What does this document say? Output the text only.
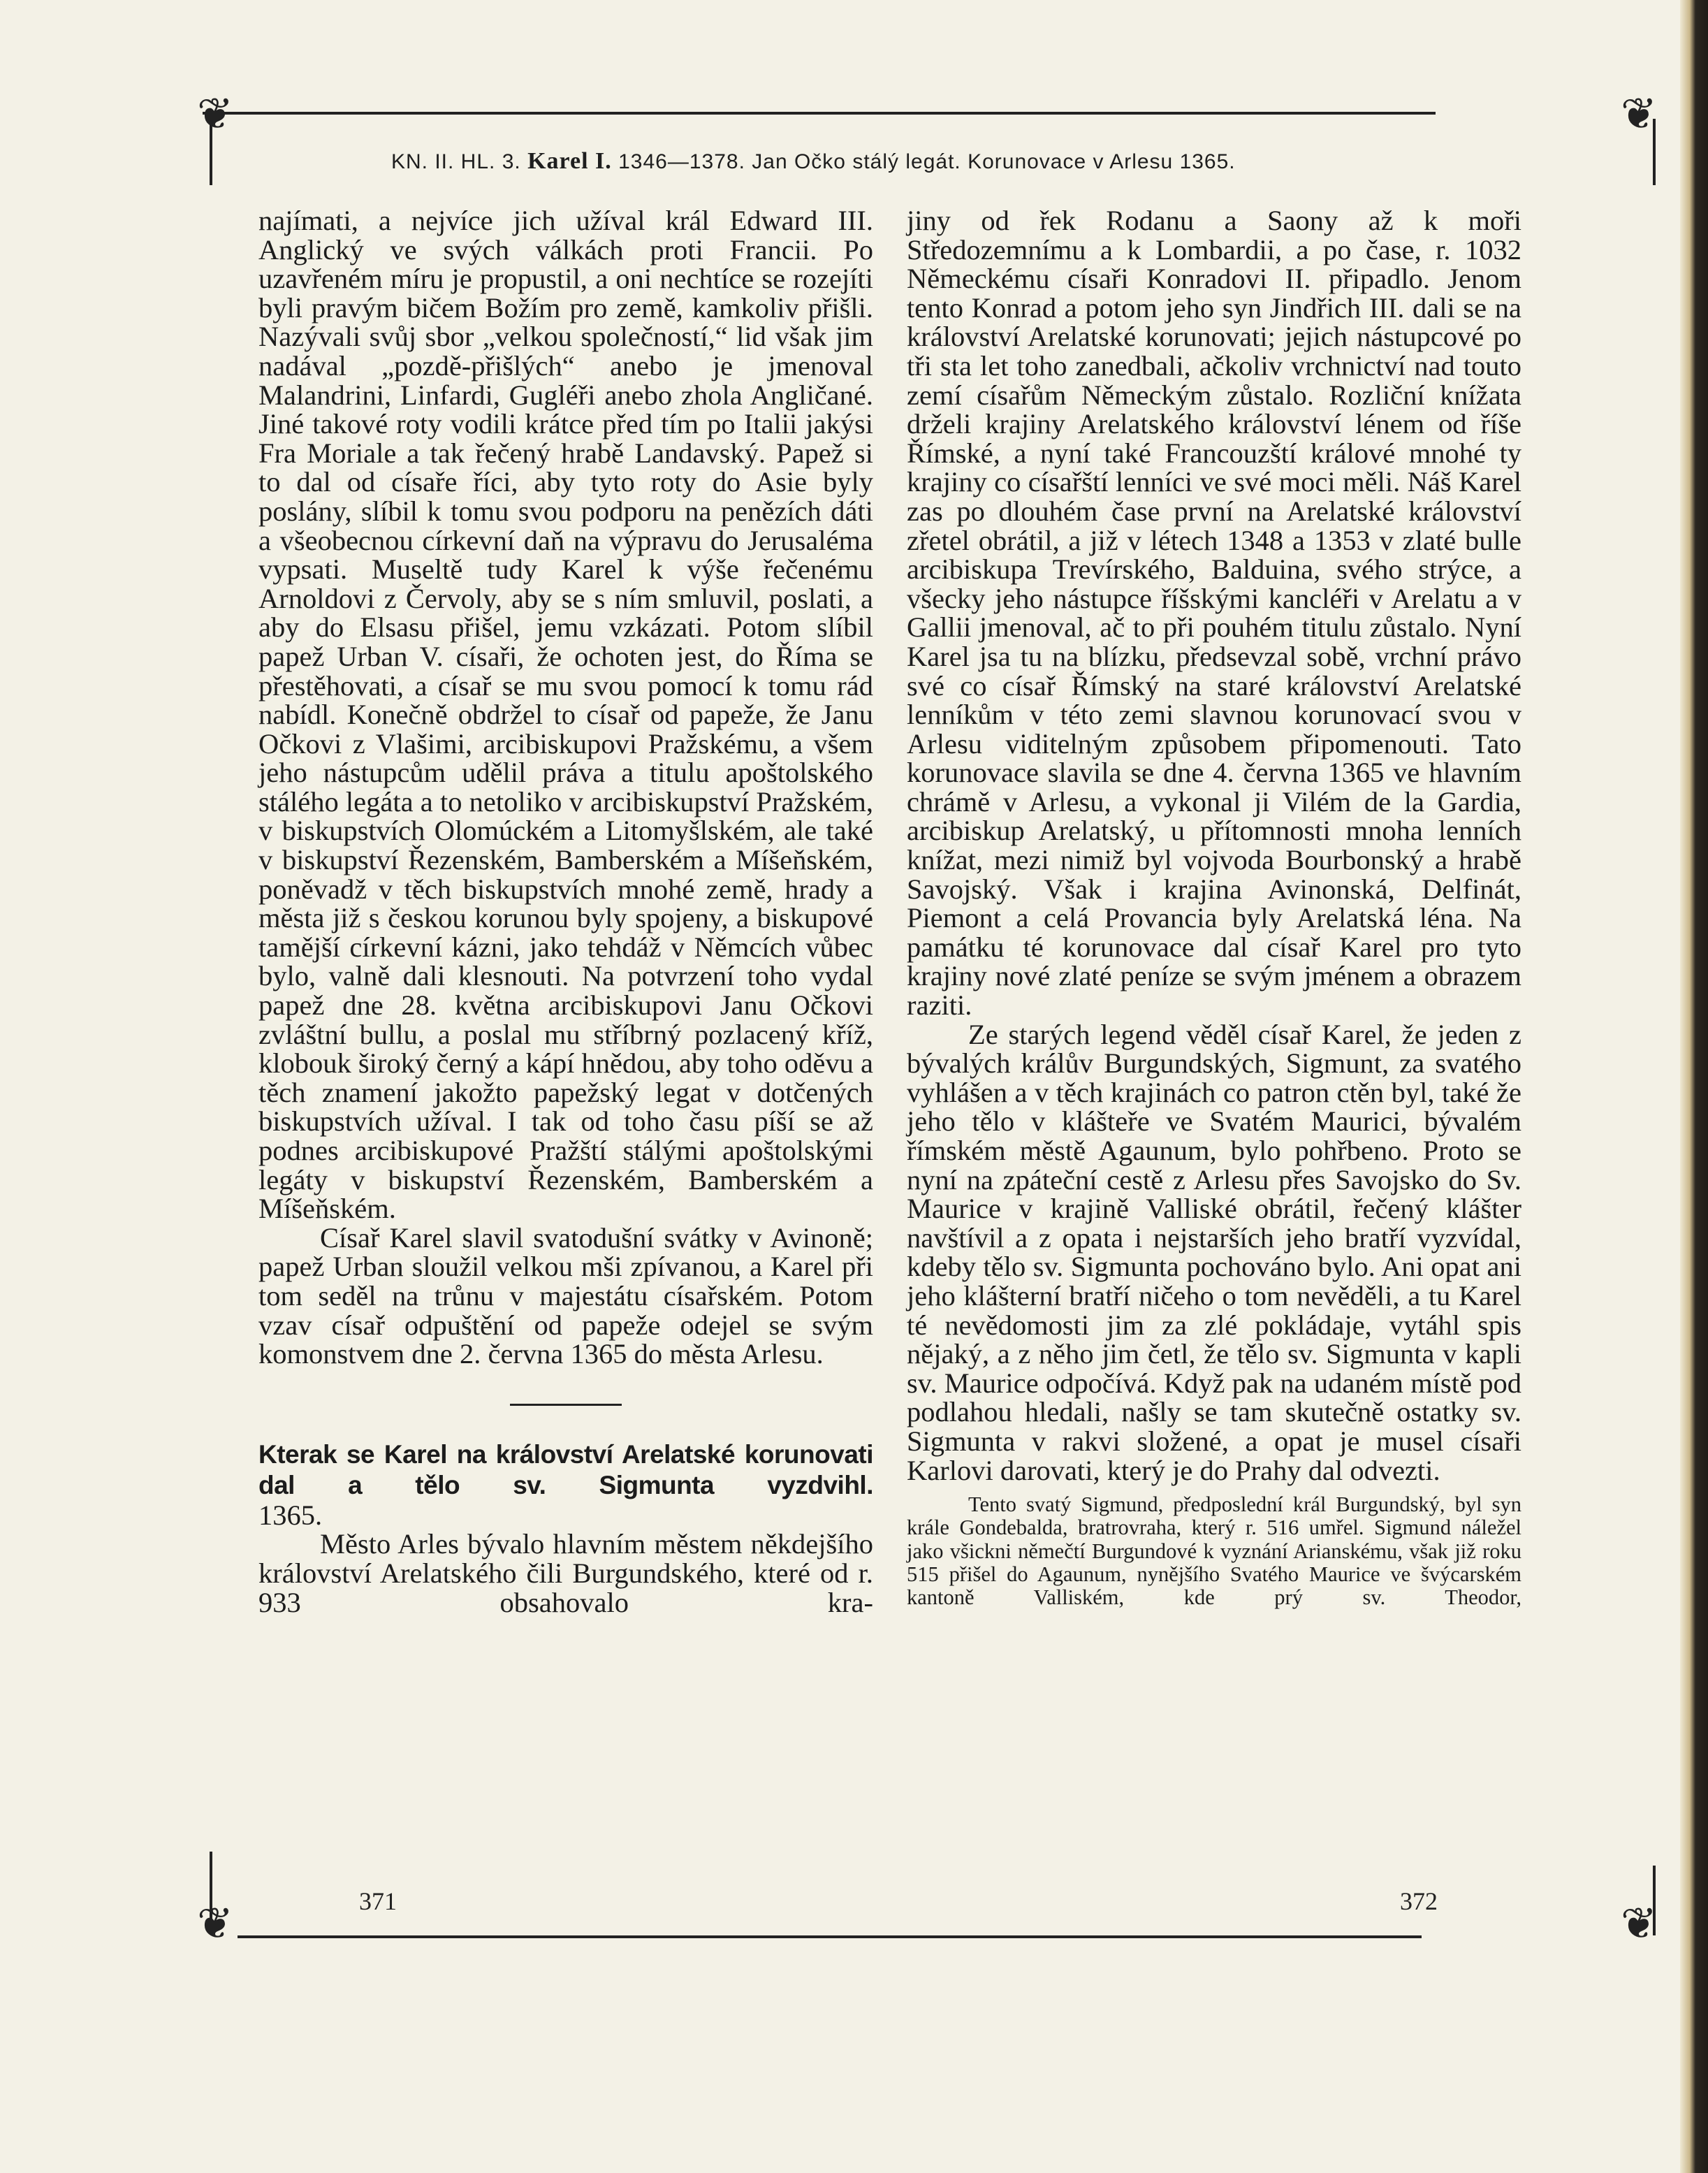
❦	❦
❦	❦
KN. II. HL. 3. Karel I. 1346—1378. Jan Očko stálý legát. Korunovace v Arlesu 1365.

najímati, a nejvíce jich užíval král Edward III. Anglický ve svých válkách proti Francii. Po uzavřeném míru je propustil, a oni nechtíce se rozejíti byli pravým bičem Božím pro země, kamkoliv přišli. Nazývali svůj sbor „velkou společností,“ lid však jim nadával „pozdě-přišlých“ anebo je jmenoval Malandrini, Linfardi, Gugléři anebo zhola Angličané. Jiné takové roty vodili krátce před tím po Italii jakýsi Fra Moriale a tak řečený hrabě Landavský. Papež si to dal od císaře říci, aby tyto roty do Asie byly poslány, slíbil k tomu svou podporu na penězích dáti a všeobecnou církevní daň na výpravu do Jerusaléma vypsati. Museltě tudy Karel k výše řečenému Arnoldovi z Červoly, aby se s ním smluvil, poslati, a aby do Elsasu přišel, jemu vzkázati. Potom slíbil papež Urban V. císaři, že ochoten jest, do Říma se přestěhovati, a císař se mu svou pomocí k tomu rád nabídl. Konečně obdržel to císař od papeže, že Janu Očkovi z Vlašimi, arcibiskupovi Pražskému, a všem jeho nástupcům udělil práva a titulu apoštolského stálého legáta a to netoliko v arcibiskupství Pražském, v biskupstvích Olomúckém a Litomyšlském, ale také v biskupství Řezenském, Bamberském a Míšeňském, poněvadž v těch biskupstvích mnohé země, hrady a města již s českou korunou byly spojeny, a biskupové tamější církevní kázni, jako tehdáž v Němcích vůbec bylo, valně dali klesnouti. Na potvrzení toho vydal papež dne 28. května arcibiskupovi Janu Očkovi zvláštní bullu, a poslal mu stříbrný pozlacený kříž, klobouk široký černý a kápí hnědou, aby toho oděvu a těch znamení jakožto papežský legat v dotčených biskupstvích užíval. I tak od toho času píší se až podnes arcibiskupové Pražští stálými apoštolskými legáty v biskupství Řezenském, Bamberském a Míšeňském.

Císař Karel slavil svatodušní svátky v Avinoně; papež Urban sloužil velkou mši zpívanou, a Karel při tom seděl na trůnu v majestátu císařském. Potom vzav císař odpuštění od papeže odejel se svým komonstvem dne 2. června 1365 do města Arlesu.

Kterak se Karel na království Arelatské korunovati dal a tělo sv. Sigmunta vyzdvihl.

1365.

Město Arles bývalo hlavním městem někdejšího království Arelatského čili Burgundského, které od r. 933 obsahovalo kra-

jiny od řek Rodanu a Saony až k moři Středozemnímu a k Lombardii, a po čase, r. 1032 Německému císaři Konradovi II. připadlo. Jenom tento Konrad a potom jeho syn Jindřich III. dali se na království Arelatské korunovati; jejich nástupcové po tři sta let toho zanedbali, ačkoliv vrchnictví nad touto zemí císařům Německým zůstalo. Rozliční knížata drželi krajiny Arelatského království lénem od říše Římské, a nyní také Francouzští králové mnohé ty krajiny co císařští lenníci ve své moci měli. Náš Karel zas po dlouhém čase první na Arelatské království zřetel obrátil, a již v létech 1348 a 1353 v zlaté bulle arcibiskupa Trevírského, Balduina, svého strýce, a všecky jeho nástupce říšskými kancléři v Arelatu a v Gallii jmenoval, ač to při pouhém titulu zůstalo. Nyní Karel jsa tu na blízku, předsevzal sobě, vrchní právo své co císař Římský na staré království Arelatské lenníkům v této zemi slavnou korunovací svou v Arlesu viditelným způsobem připomenouti. Tato korunovace slavila se dne 4. června 1365 ve hlavním chrámě v Arlesu, a vykonal ji Vilém de la Gardia, arcibiskup Arelatský, u přítomnosti mnoha lenních knížat, mezi nimiž byl vojvoda Bourbonský a hrabě Savojský. Však i krajina Avinonská, Delfinát, Piemont a celá Provancia byly Arelatská léna. Na památku té korunovace dal císař Karel pro tyto krajiny nové zlaté peníze se svým jménem a obrazem raziti.

Ze starých legend věděl císař Karel, že jeden z bývalých králův Burgundských, Sigmunt, za svatého vyhlášen a v těch krajinách co patron ctěn byl, také že jeho tělo v klášteře ve Svatém Maurici, bývalém římském městě Agaunum, bylo pohřbeno. Proto se nyní na zpáteční cestě z Arlesu přes Savojsko do Sv. Maurice v krajině Valliské obrátil, řečený klášter navštívil a z opata i nejstarších jeho bratří vyzvídal, kdeby tělo sv. Sigmunta pochováno bylo. Ani opat ani jeho klášterní bratří ničeho o tom nevěděli, a tu Karel té nevědomosti jim za zlé pokládaje, vytáhl spis nějaký, a z něho jim četl, že tělo sv. Sigmunta v kapli sv. Maurice odpočívá. Když pak na udaném místě pod podlahou hledali, našly se tam skutečně ostatky sv. Sigmunta v rakvi složené, a opat je musel císaři Karlovi darovati, který je do Prahy dal odvezti.

Tento svatý Sigmund, předposlední král Burgundský, byl syn krále Gondebalda, bratrovraha, který r. 516 umřel. Sigmund náležel jako všickni němečtí Burgundové k vyznání Arianskému, však již roku 515 přišel do Agaunum, nynějšího Svatého Maurice ve švýcarském kantoně Valliském, kde prý sv. Theodor,

371	372
